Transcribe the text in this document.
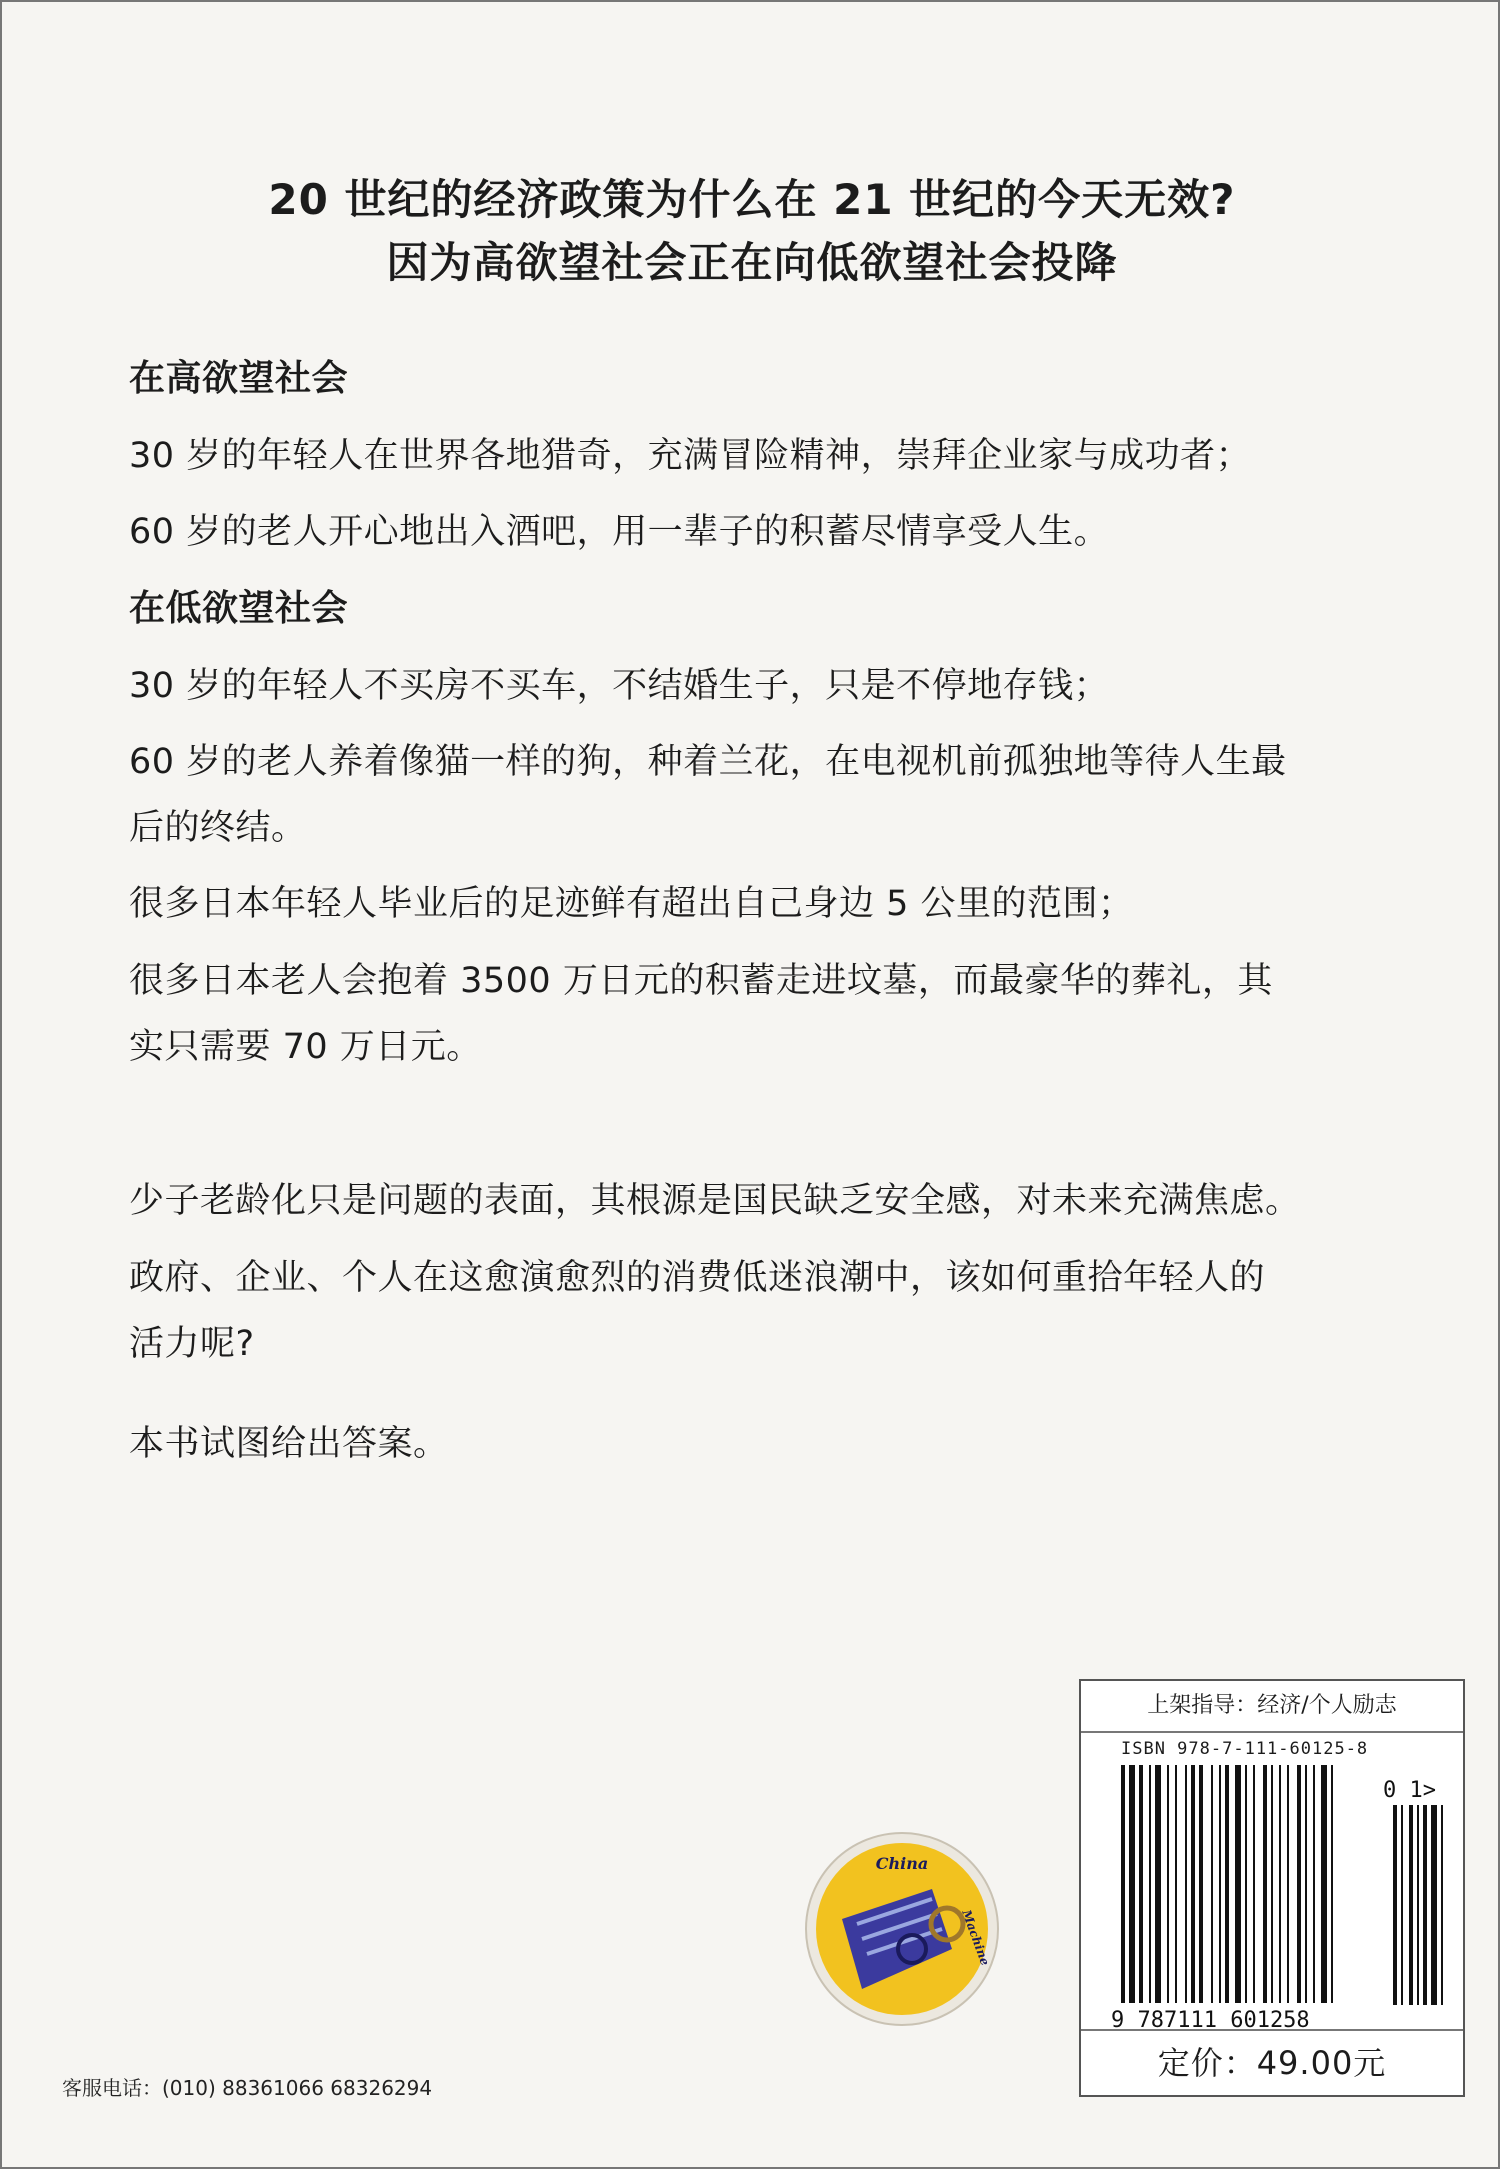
20 世纪的经济政策为什么在 21 世纪的今天无效?
因为高欲望社会正在向低欲望社会投降
在高欲望社会
30 岁的年轻人在世界各地猎奇，充满冒险精神，崇拜企业家与成功者；
60 岁的老人开心地出入酒吧，用一辈子的积蓄尽情享受人生。
在低欲望社会
30 岁的年轻人不买房不买车，不结婚生子，只是不停地存钱；
60 岁的老人养着像猫一样的狗，种着兰花，在电视机前孤独地等待人生最
后的终结。
很多日本年轻人毕业后的足迹鲜有超出自己身边 5 公里的范围；
很多日本老人会抱着 3500 万日元的积蓄走进坟墓，而最豪华的葬礼，其
实只需要 70 万日元。
少子老龄化只是问题的表面，其根源是国民缺乏安全感，对未来充满焦虑。
政府、企业、个人在这愈演愈烈的消费低迷浪潮中，该如何重拾年轻人的
活力呢?
本书试图给出答案。
China
Machine
上架指导：经济/个人励志
ISBN 978-7-111-60125-8
0 1>
9 787111 601258
定价：49.00元
客服电话：(010) 88361066 68326294
